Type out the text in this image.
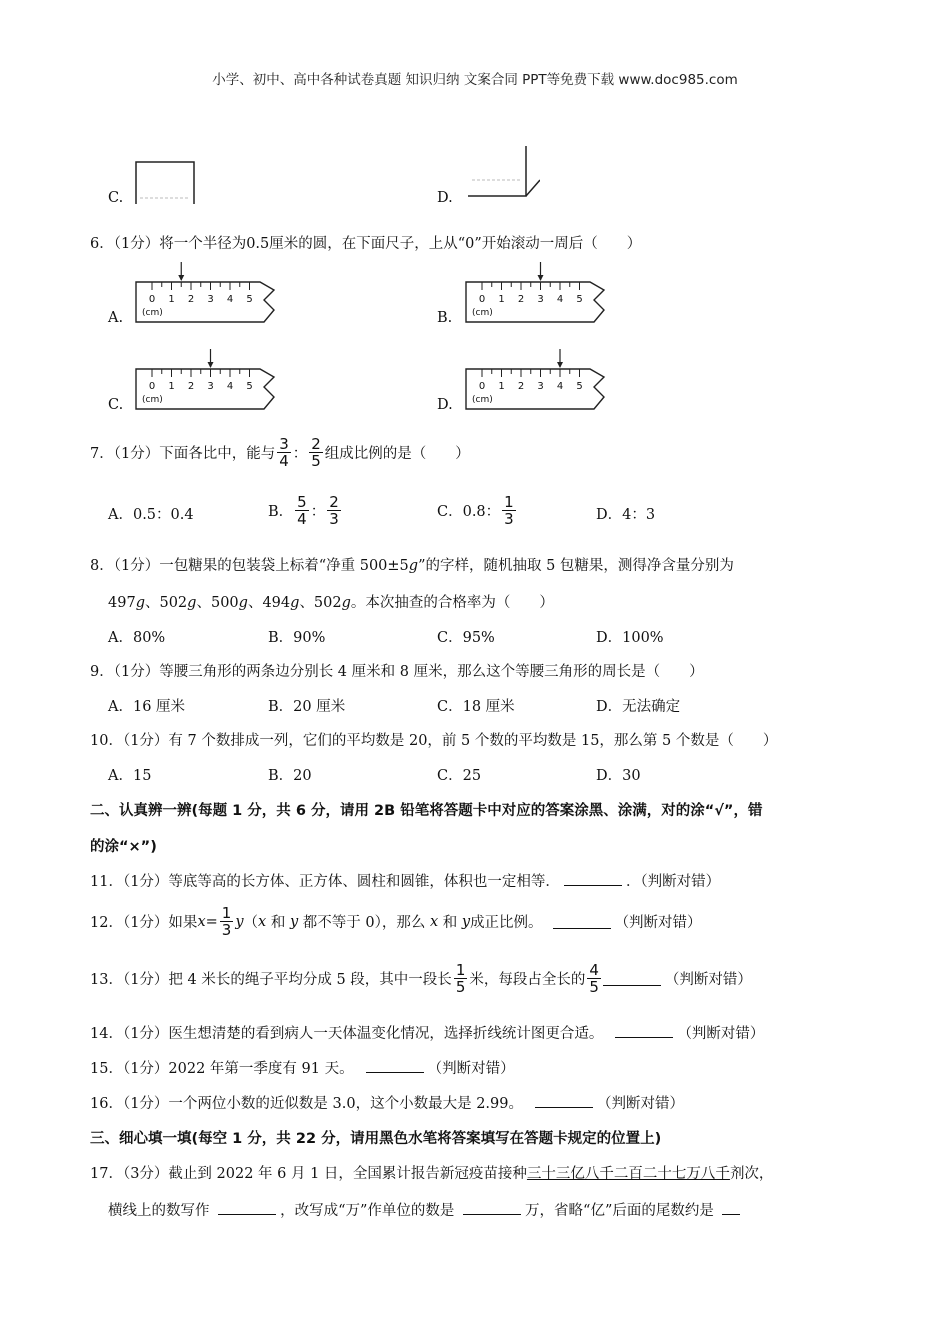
小学、初中、高中各种试卷真题 知识归纳 文案合同 PPT等免费下载 www.doc985.com
C.	D.
6．（1分）将一个半径为0.5厘米的圆，在下面尺子，上从“0”开始滚动一周后（　　）
A.
0 1 2 3 4 5
(cm)	B.
0 1 2 3 4 5
(cm)
C.
0 1 2 3 4 5
(cm)	D.
0 1 2 3 4 5
(cm)
7．（1分）下面各比中，能与 $\frac{3}{4}$ ： $\frac{2}{5}$ 组成比例的是（　　）
A．0.5：0.4	B． $\frac{5}{4}$ ： $\frac{2}{3}$	C．0.8： $\frac{1}{3}$	D．4：3
8．（1分）一包糖果的包装袋上标着“净重 500±5g”的字样，随机抽取 5 包糖果，测得净含量分别为
497g、502g、500g、494g、502g。本次抽查的合格率为（　　）
A．80%	B．90%	C．95%	D．100%
9．（1分）等腰三角形的两条边分别长 4 厘米和 8 厘米，那么这个等腰三角形的周长是（　　）
A．16 厘米	B．20 厘米	C．18 厘米	D．无法确定
10．（1分）有 7 个数排成一列，它们的平均数是 20，前 5 个数的平均数是 15，那么第 5 个数是（　　）
A．15	B．20	C．25	D．30
二、认真辨一辨(每题 1 分，共 6 分，请用 2B 铅笔将答题卡中对应的答案涂黑、涂满，对的涂“√”，错
的涂“×”)
11．（1分）等底等高的长方体、正方体、圆柱和圆锥，体积也一定相等．	．（判断对错）
12．（1分）如果 $x = \frac{1}{3}$ y （ x 和 y 都不等于 0），那么 x 和 y 成正比例。	（判断对错）
13．（1分）把 4 米长的绳子平均分成 5 段，其中一段长 $\frac{1}{5}$ 米，每段占全长的 $\frac{4}{5}$	（判断对错）
14．（1分）医生想清楚的看到病人一天体温变化情况，选择折线统计图更合适。	（判断对错）
15．（1分）2022 年第一季度有 91 天。	（判断对错）
16．（1分）一个两位小数的近似数是 3.0，这个小数最大是 2.99。	（判断对错）
三、细心填一填(每空 1 分，共 22 分，请用黑色水笔将答案填写在答题卡规定的位置上)
17．（3分）截止到 2022 年 6 月 1 日，全国累计报告新冠疫苗接种三十三亿八千二百二十七万八千剂次，
横线上的数写作	，改写成“万”作单位的数是	万，省略“亿”后面的尾数约是
